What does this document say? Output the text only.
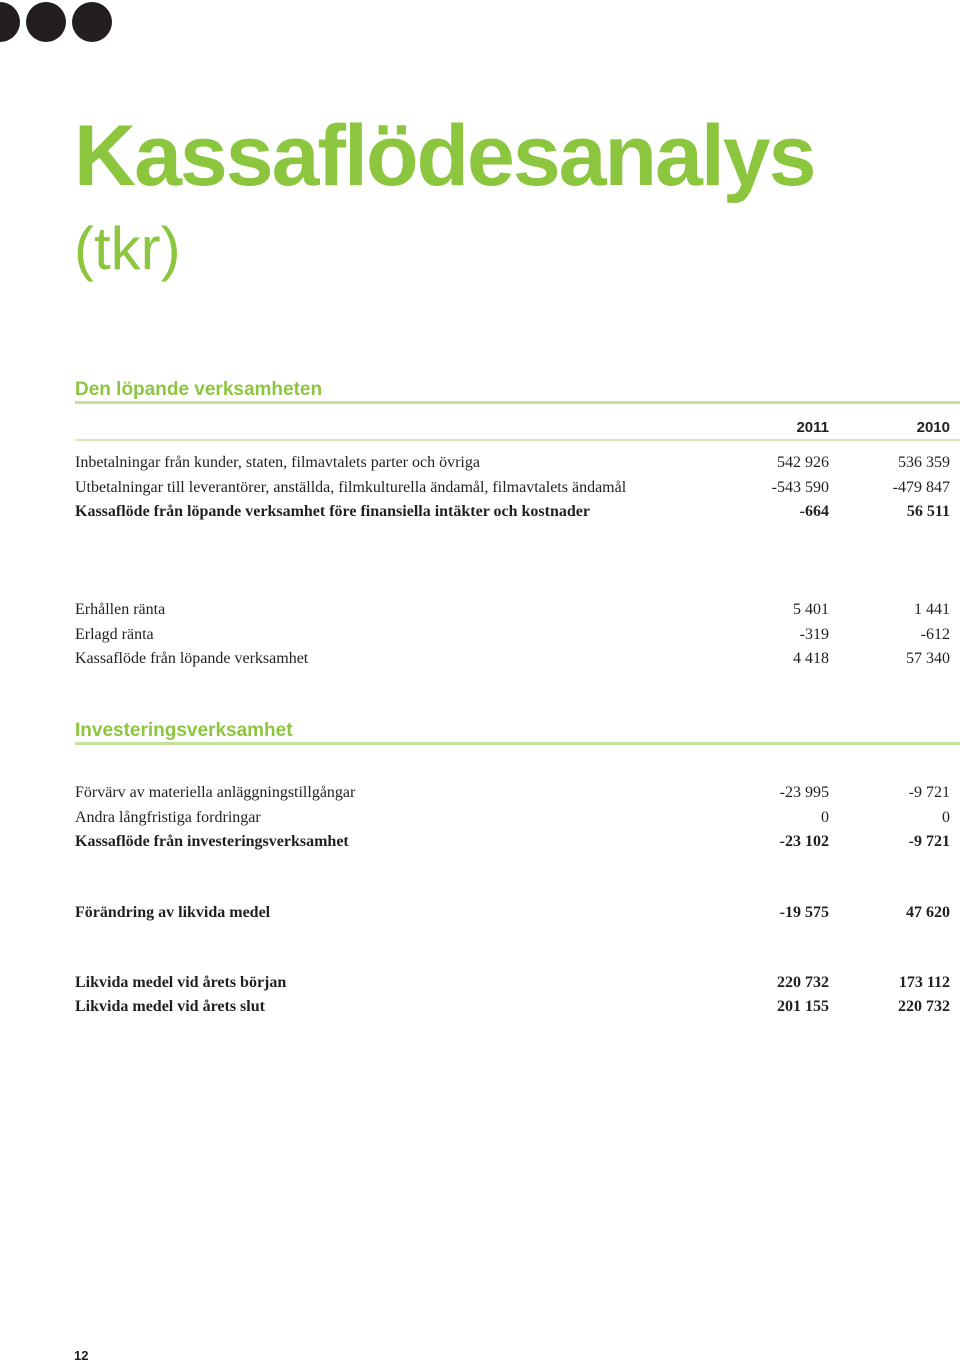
Kassaflödesanalys
(tkr)
Den löpande verksamheten
2011	2010
Inbetalningar från kunder, staten, filmavtalets parter och övriga	542 926	536 359
Utbetalningar till leverantörer, anställda, filmkulturella ändamål, filmavtalets ändamål	-543 590	-479 847
Kassaflöde från löpande verksamhet före finansiella intäkter och kostnader	-664	56 511
Erhållen ränta	5 401	1 441
Erlagd ränta	-319	-612
Kassaflöde från löpande verksamhet	4 418	57 340
Investeringsverksamhet
Förvärv av materiella anläggningstillgångar	-23 995	-9 721
Andra långfristiga fordringar	0	0
Kassaflöde från investeringsverksamhet	-23 102	-9 721
Förändring av likvida medel	-19 575	47 620
Likvida medel vid årets början	220 732	173 112
Likvida medel vid årets slut	201 155	220 732
12
